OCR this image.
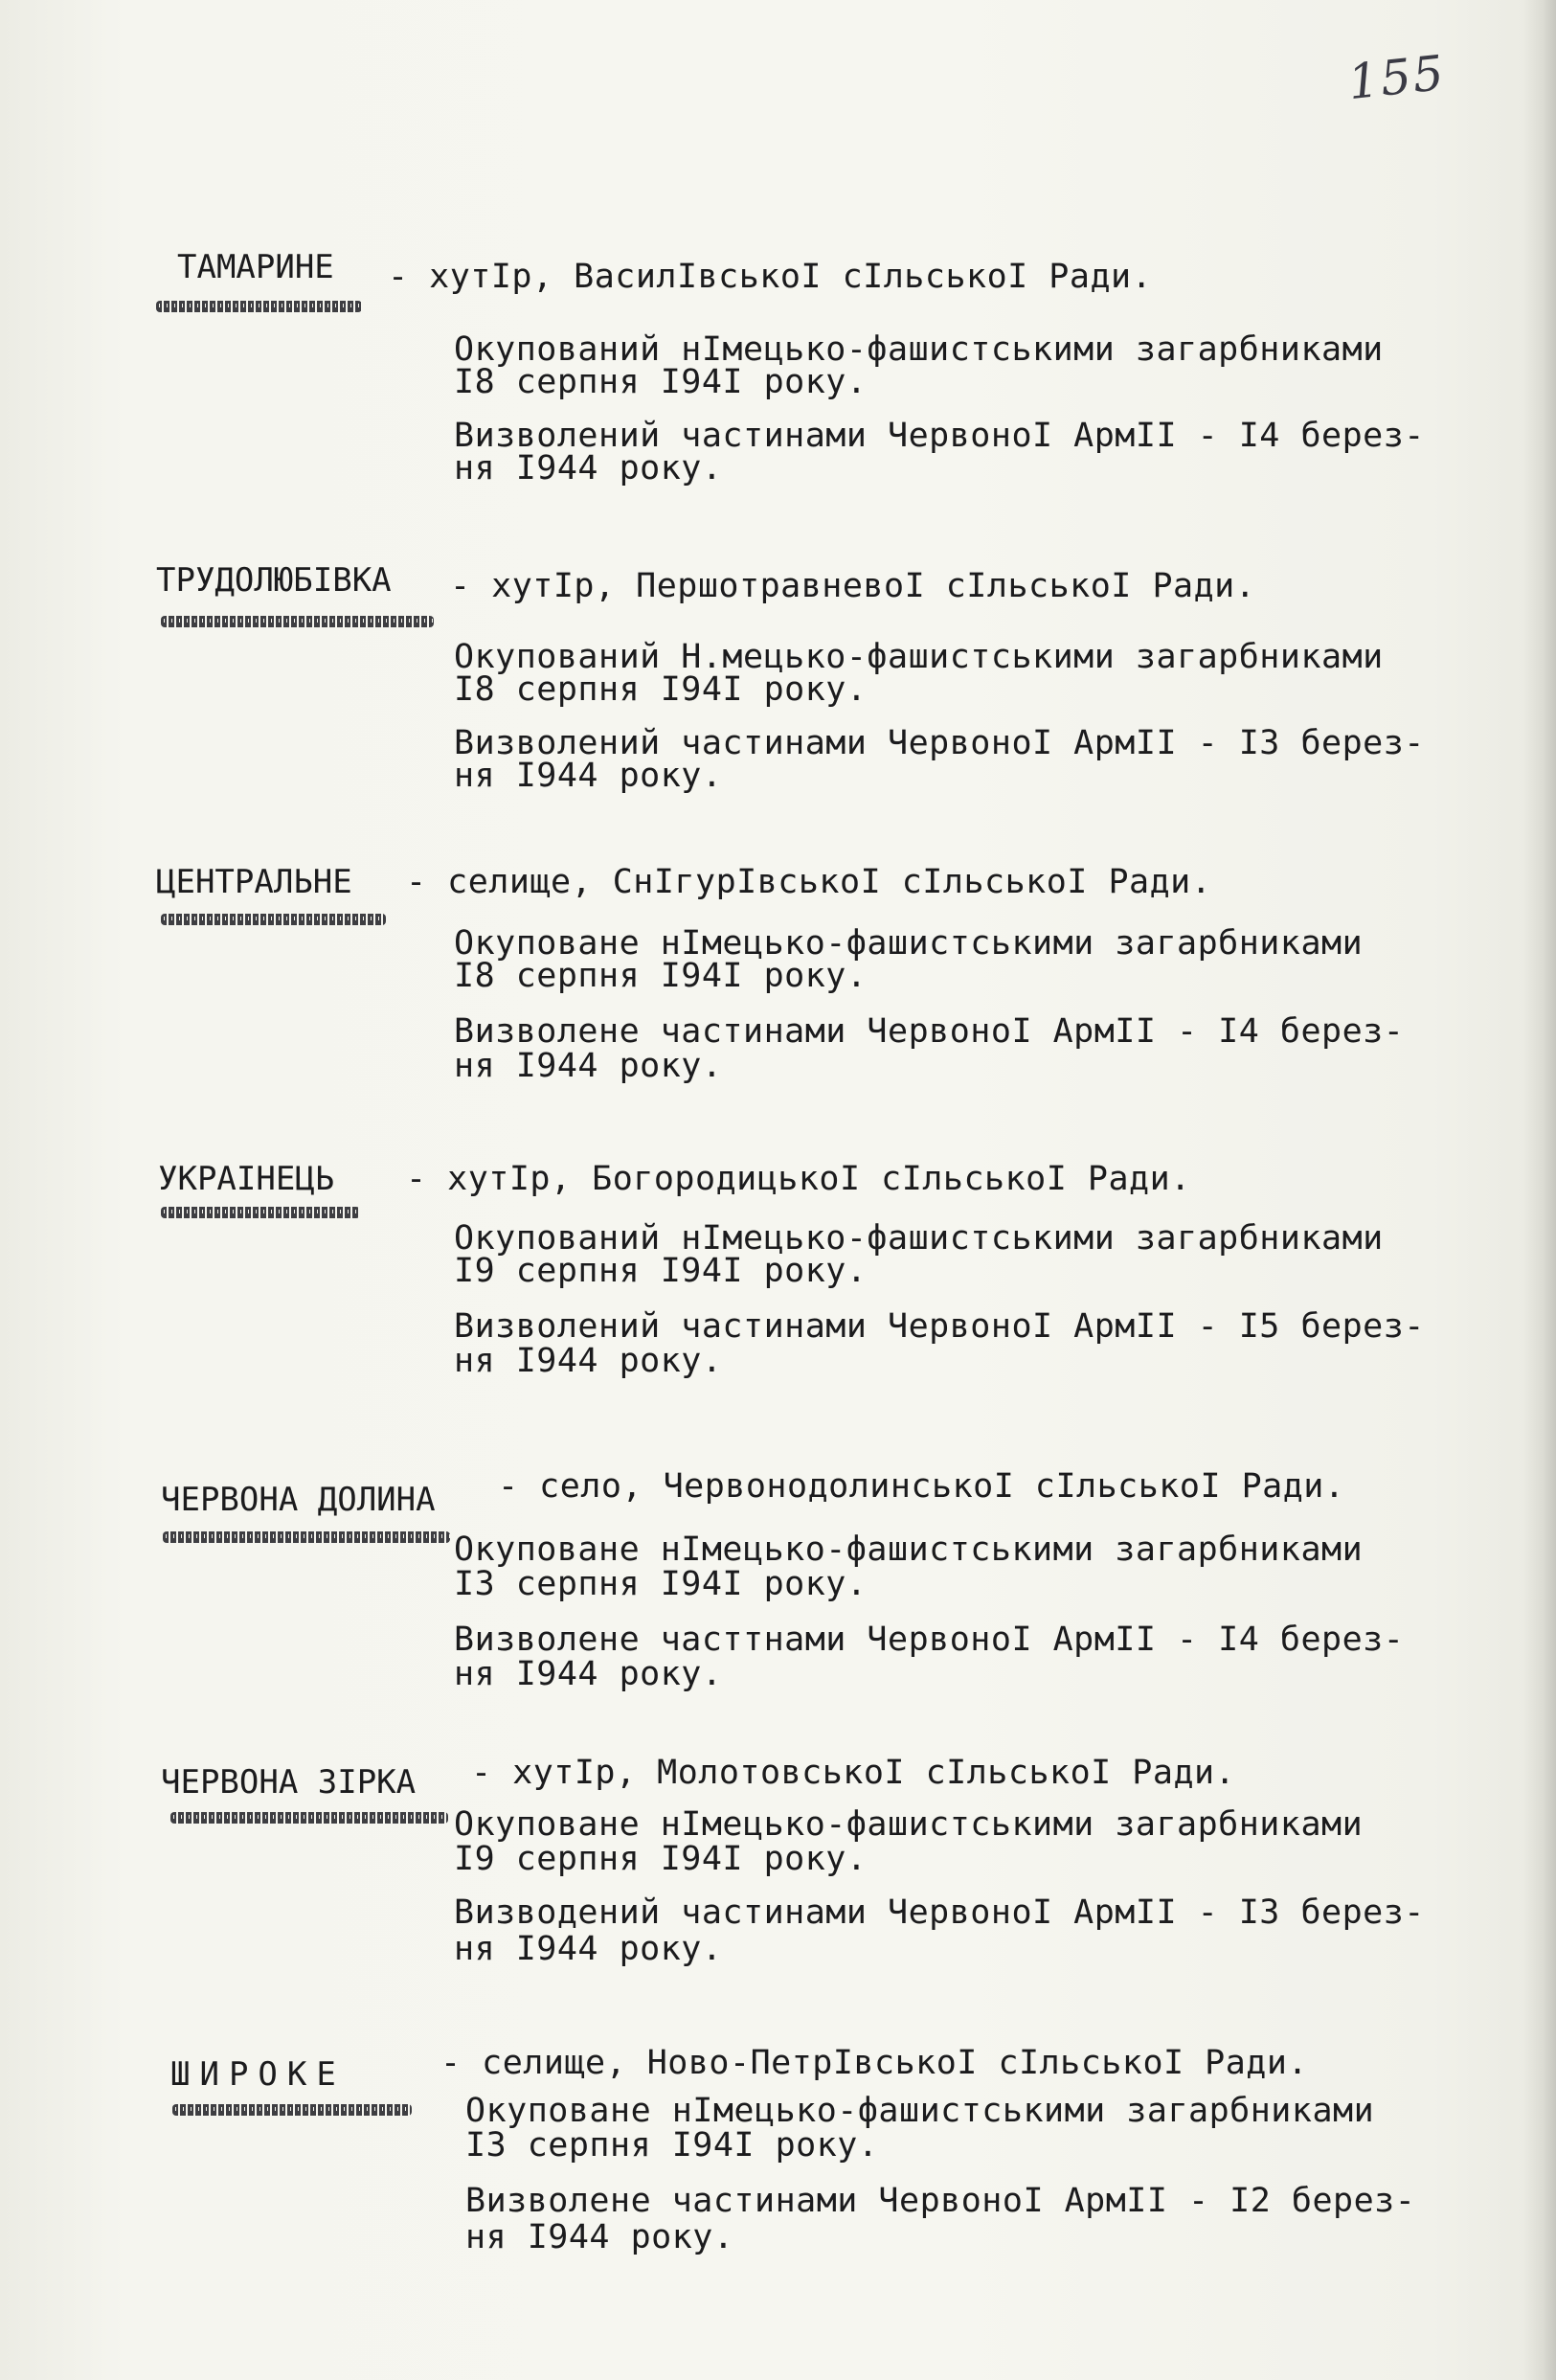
155
ТАМАРИНЕ	- хутІр, ВасилІвськоІ сІльськоІ Ради.
Окупований нІмецько-фашистськими загарбниками
І8 серпня І94І року.
Визволений частинами ЧервоноІ АрмІІ - І4 берез-
ня І944 року.
ТРУДОЛЮБІВКА - хутІр, ПершотравневоІ сІльськоІ Ради.
Окупований Н.мецько-фашистськими загарбниками
І8 серпня І94І року.
Визволений частинами ЧервоноІ АрмІІ - ІЗ берез-
ня І944 року.
ЦЕНТРАЛЬНЕ - селище, СнІгурІвськоІ сІльськоІ Ради.
Окуповане нІмецько-фашистськими загарбниками
І8 серпня І94І року.
Визволене частинами ЧервоноІ АрмІІ - І4 берез-
ня І944 року.
УКРАІНЕЦЬ - хутІр, БогородицькоІ сІльськоІ Ради.
Окупований нІмецько-фашистськими загарбниками
І9 серпня І94І року.
Визволений частинами ЧервоноІ АрмІІ - І5 берез-
ня І944 року.
ЧЕРВОНА ДОЛИНА - село, ЧервонодолинськоІ сІльськоІ Ради.
Окуповане нІмецько-фашистськими загарбниками
ІЗ серпня І94І року.
Визволене часттнами ЧервоноІ АрмІІ - І4 берез-
ня І944 року.
ЧЕРВОНА ЗІРКА - хутІр, МолотовськоІ сІльськоІ Ради.
Окуповане нІмецько-фашистськими загарбниками
І9 серпня І94І року.
Визводений частинами ЧервоноІ АрмІІ - ІЗ берез-
ня І944 року.
ШИРОКЕ	- селище, Ново-ПетрІвськоІ сІльськоІ Ради.
Окуповане нІмецько-фашистськими загарбниками
ІЗ серпня І94І року.
Визволене частинами ЧервоноІ АрмІІ - І2 берез-
ня І944 року.
